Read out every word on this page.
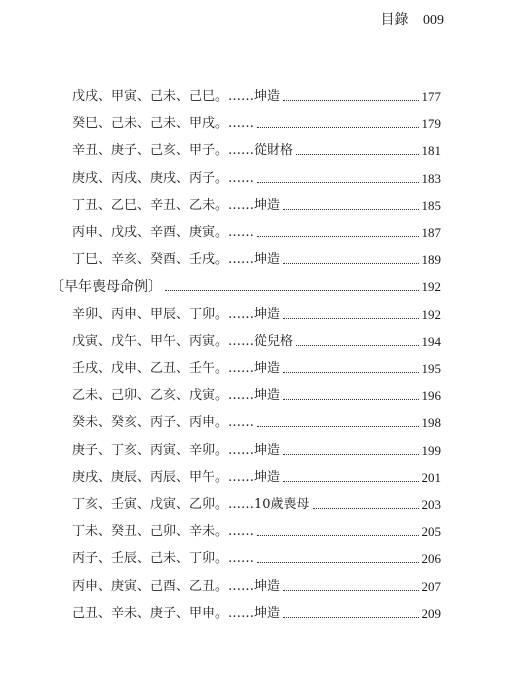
目錄 009
戊戌、甲寅、己未、己巳。……坤造	177
癸巳、己未、己未、甲戌。……	179
辛丑、庚子、己亥、甲子。……從財格	181
庚戌、丙戌、庚戌、丙子。……	183
丁丑、乙巳、辛丑、乙未。……坤造	185
丙申、戊戌、辛酉、庚寅。……	187
丁巳、辛亥、癸酉、壬戌。……坤造	189
〔早年喪母命例〕	192
辛卯、丙申、甲辰、丁卯。……坤造	192
戊寅、戊午、甲午、丙寅。……從兒格	194
壬戌、戊申、乙丑、壬午。……坤造	195
乙未、己卯、乙亥、戊寅。……坤造	196
癸未、癸亥、丙子、丙申。……	198
庚子、丁亥、丙寅、辛卯。……坤造	199
庚戌、庚辰、丙辰、甲午。……坤造	201
丁亥、壬寅、戊寅、乙卯。……10歲喪母	203
丁未、癸丑、己卯、辛未。……	205
丙子、壬辰、己未、丁卯。……	206
丙申、庚寅、己酉、乙丑。……坤造	207
己丑、辛未、庚子、甲申。……坤造	209
